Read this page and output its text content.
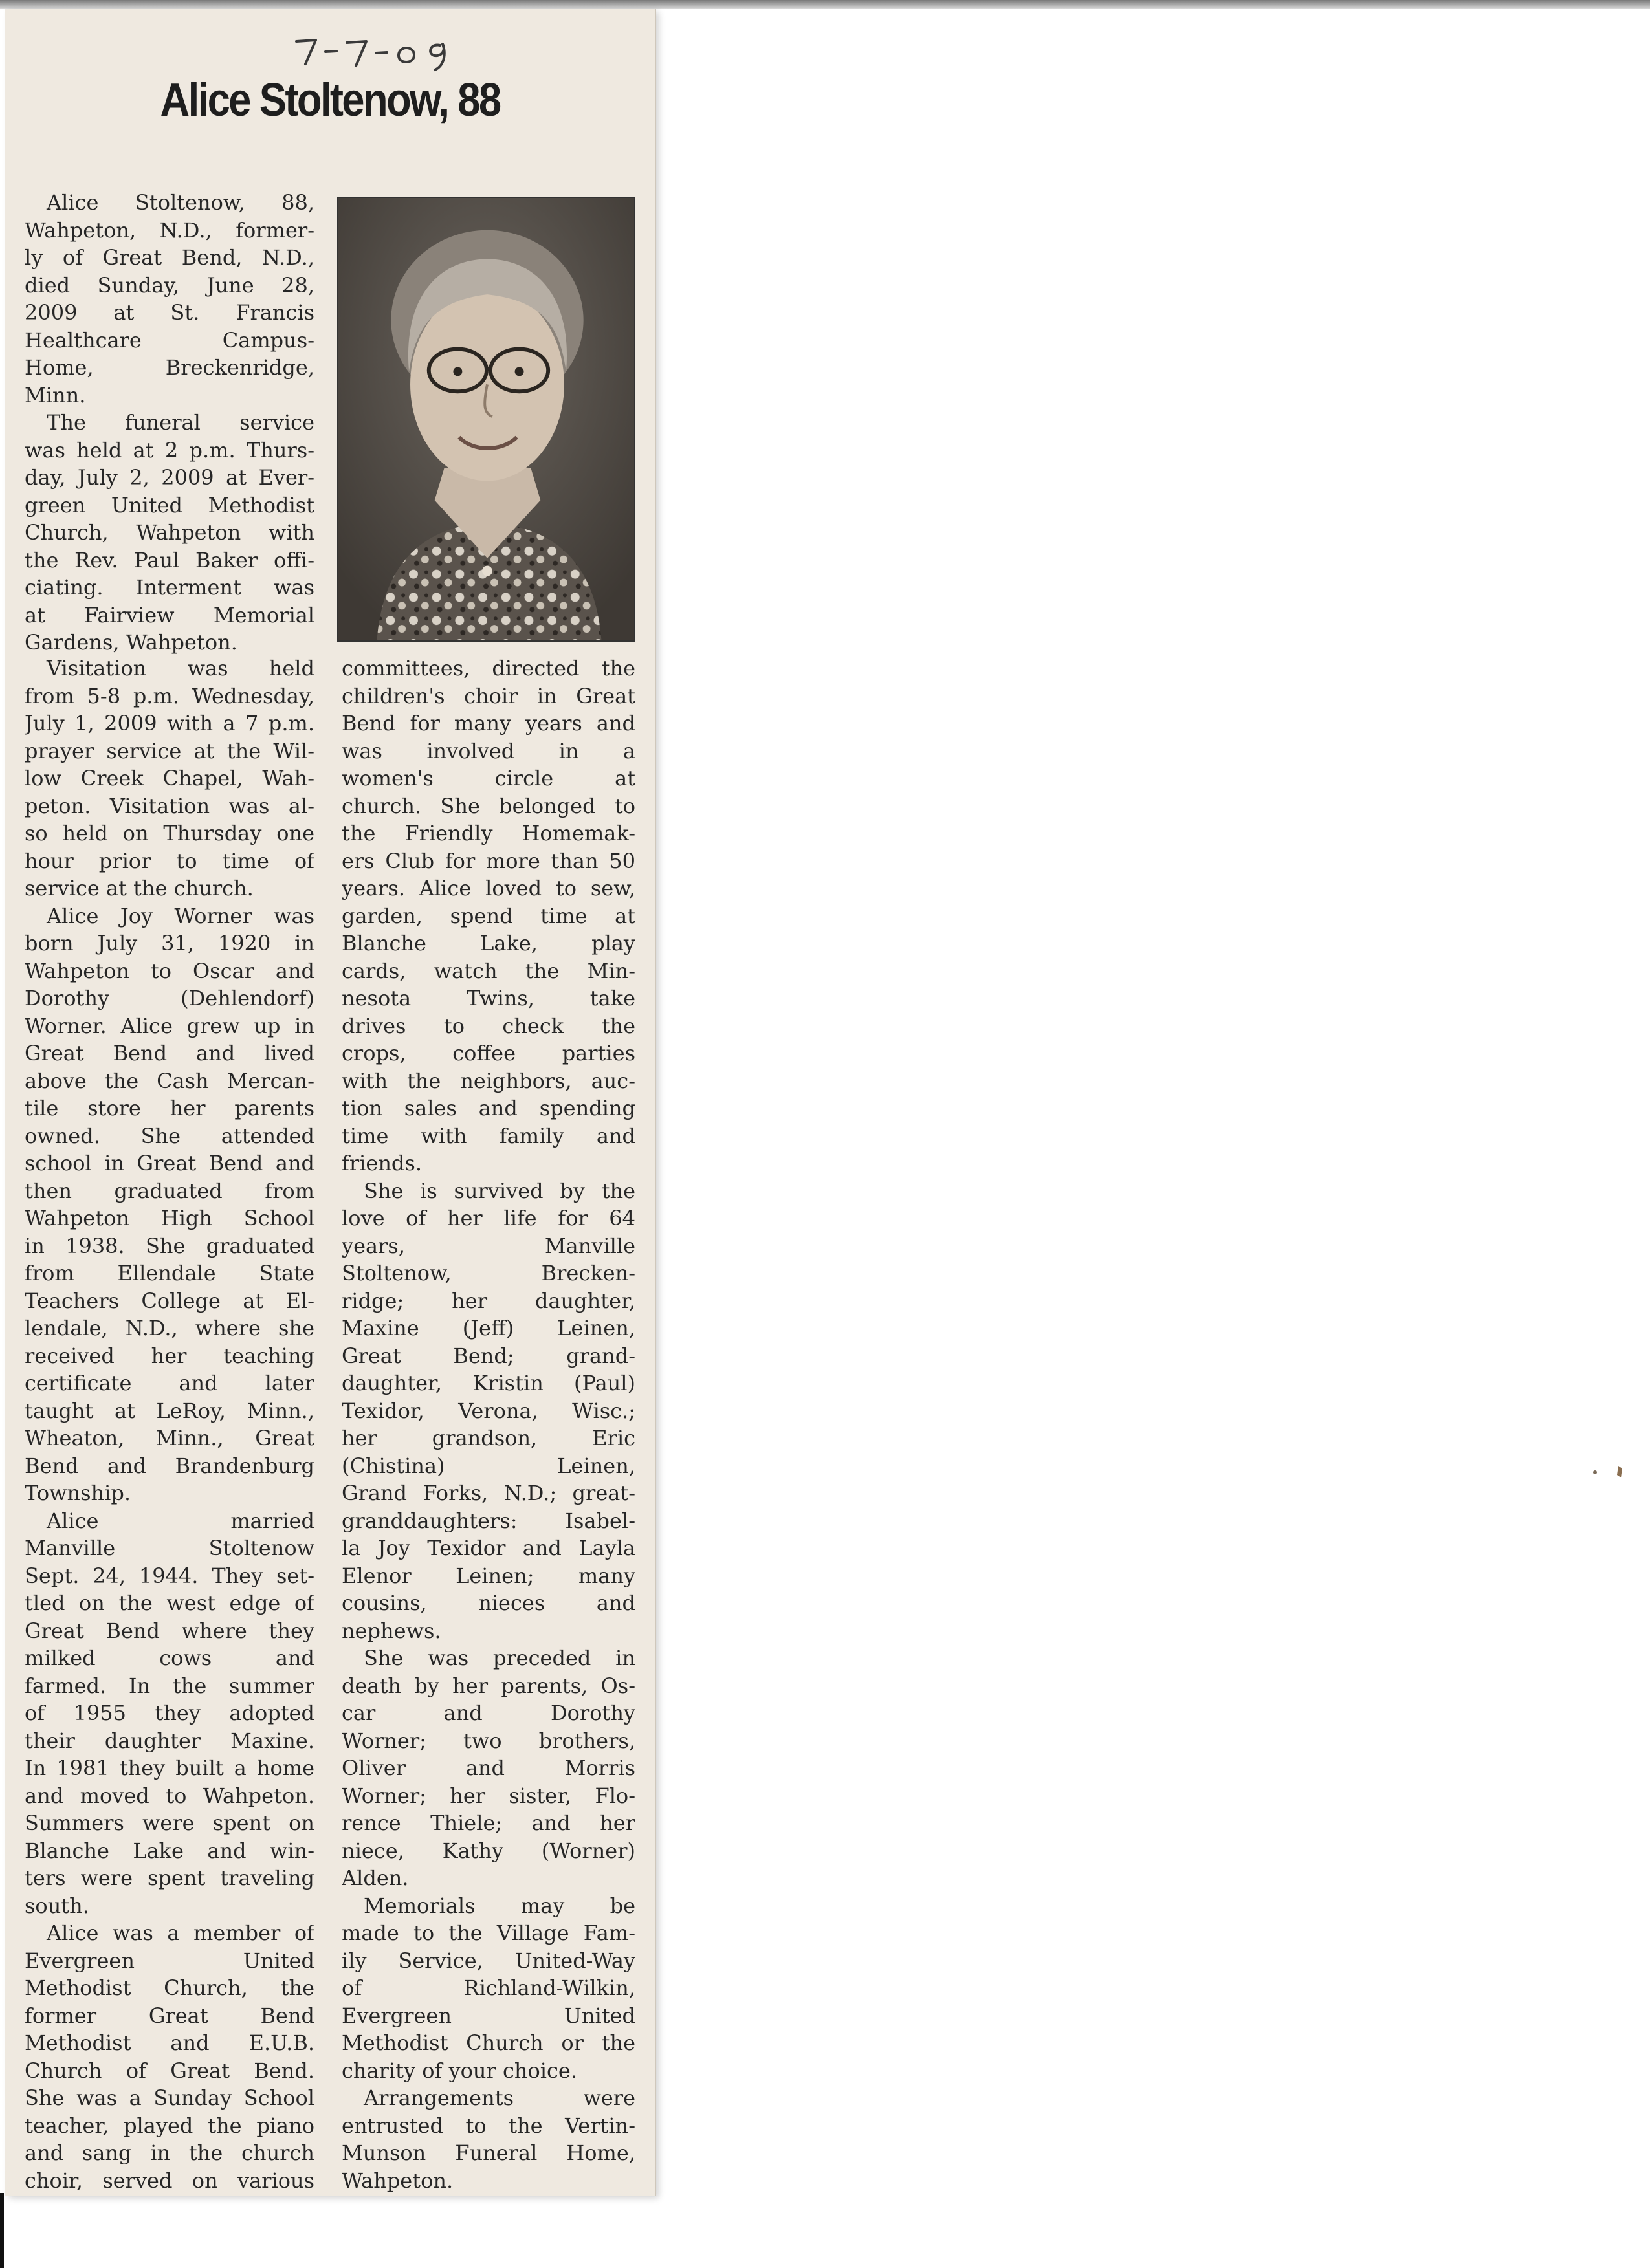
Alice Stoltenow, 88
Alice Stoltenow, 88,
Wahpeton, N.D., former-
ly of Great Bend, N.D.,
died Sunday, June 28,
2009 at St. Francis
Healthcare Campus-
Home, Breckenridge,
Minn.
The funeral service
was held at 2 p.m. Thurs-
day, July 2, 2009 at Ever-
green United Methodist
Church, Wahpeton with
the Rev. Paul Baker offi-
ciating. Interment was
at Fairview Memorial
Gardens, Wahpeton.
Visitation was held
from 5-8 p.m. Wednesday,
July 1, 2009 with a 7 p.m.
prayer service at the Wil-
low Creek Chapel, Wah-
peton. Visitation was al-
so held on Thursday one
hour prior to time of
service at the church.
Alice Joy Worner was
born July 31, 1920 in
Wahpeton to Oscar and
Dorothy (Dehlendorf)
Worner. Alice grew up in
Great Bend and lived
above the Cash Mercan-
tile store her parents
owned. She attended
school in Great Bend and
then graduated from
Wahpeton High School
in 1938. She graduated
from Ellendale State
Teachers College at El-
lendale, N.D., where she
received her teaching
certificate and later
taught at LeRoy, Minn.,
Wheaton, Minn., Great
Bend and Brandenburg
Township.
Alice married
Manville Stoltenow
Sept. 24, 1944. They set-
tled on the west edge of
Great Bend where they
milked cows and
farmed. In the summer
of 1955 they adopted
their daughter Maxine.
In 1981 they built a home
and moved to Wahpeton.
Summers were spent on
Blanche Lake and win-
ters were spent traveling
south.
Alice was a member of
Evergreen United
Methodist Church, the
former Great Bend
Methodist and E.U.B.
Church of Great Bend.
She was a Sunday School
teacher, played the piano
and sang in the church
choir, served on various
committees, directed the
children's choir in Great
Bend for many years and
was involved in a
women's circle at
church. She belonged to
the Friendly Homemak-
ers Club for more than 50
years. Alice loved to sew,
garden, spend time at
Blanche Lake, play
cards, watch the Min-
nesota Twins, take
drives to check the
crops, coffee parties
with the neighbors, auc-
tion sales and spending
time with family and
friends.
She is survived by the
love of her life for 64
years, Manville
Stoltenow, Brecken-
ridge; her daughter,
Maxine (Jeff) Leinen,
Great Bend; grand-
daughter, Kristin (Paul)
Texidor, Verona, Wisc.;
her grandson, Eric
(Chistina) Leinen,
Grand Forks, N.D.; great-
granddaughters: Isabel-
la Joy Texidor and Layla
Elenor Leinen; many
cousins, nieces and
nephews.
She was preceded in
death by her parents, Os-
car and Dorothy
Worner; two brothers,
Oliver and Morris
Worner; her sister, Flo-
rence Thiele; and her
niece, Kathy (Worner)
Alden.
Memorials may be
made to the Village Fam-
ily Service, United-Way
of Richland-Wilkin,
Evergreen United
Methodist Church or the
charity of your choice.
Arrangements were
entrusted to the Vertin-
Munson Funeral Home,
Wahpeton.
